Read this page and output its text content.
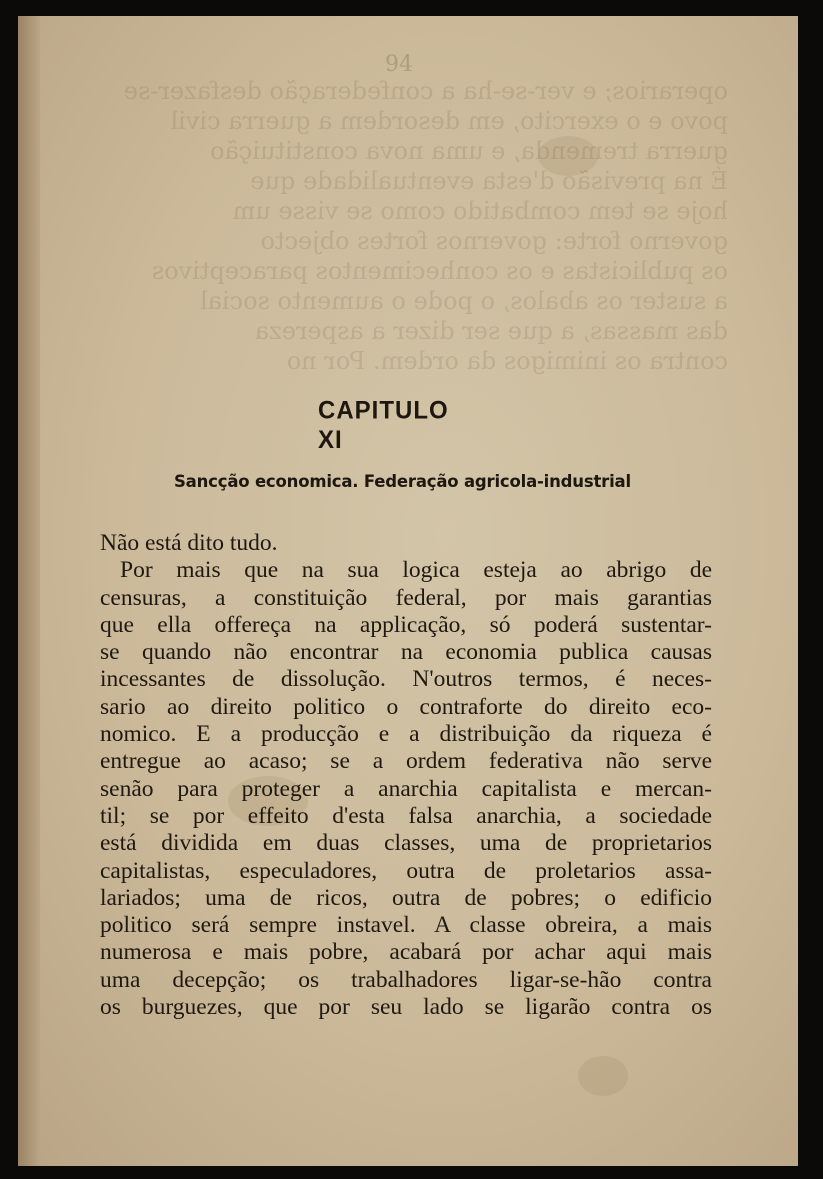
operarios; e ver-se-ha a confederação desfazer-se
povo e o exercito, em desordem a guerra civil
guerra tremenda, e uma nova constituição
É na previsão d'esta eventualidade que
hoje se tem combatido como se visse um
governo forte: governos fortes objecto
os publicistas e os conhecimentos paraceptivos
a suster os abalos, o pode o aumento social
das massas, a que ser dizer a aspereza
contra os inimigos da ordem. Por no
94
CAPITULO XI
Sancção economica. Federação agricola-industrial
Não está dito tudo.
Por mais que na sua logica esteja ao abrigo de
censuras, a constituição federal, por mais garantias
que ella offereça na applicação, só poderá sustentar-
se quando não encontrar na economia publica causas
incessantes de dissolução. N'outros termos, é neces-
sario ao direito politico o contraforte do direito eco-
nomico. E a producção e a distribuição da riqueza é
entregue ao acaso; se a ordem federativa não serve
senão para proteger a anarchia capitalista e mercan-
til; se por effeito d'esta falsa anarchia, a sociedade
está dividida em duas classes, uma de proprietarios
capitalistas, especuladores, outra de proletarios assa-
lariados; uma de ricos, outra de pobres; o edificio
politico será sempre instavel. A classe obreira, a mais
numerosa e mais pobre, acabará por achar aqui mais
uma decepção; os trabalhadores ligar-se-hão contra
os burguezes, que por seu lado se ligarão contra os
